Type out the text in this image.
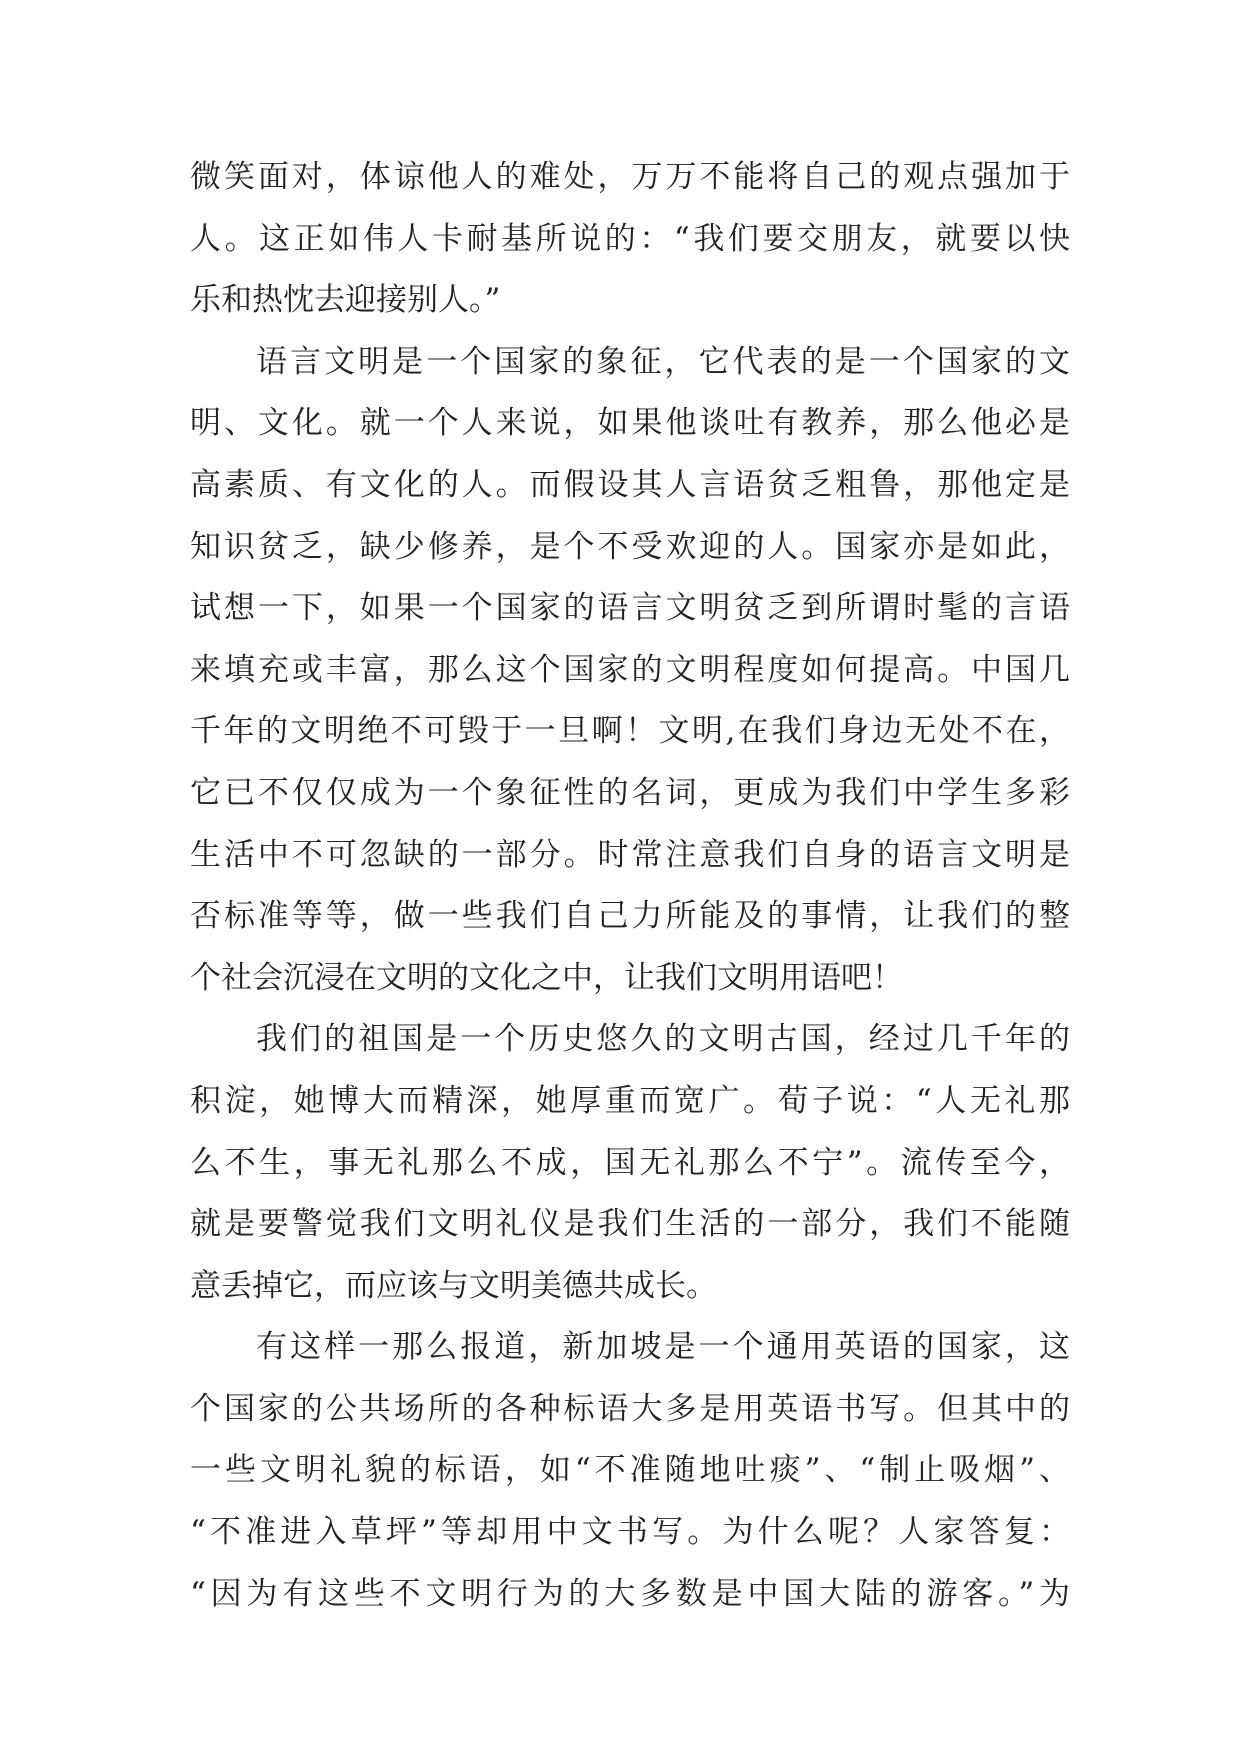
微笑面对，体谅他人的难处，万万不能将自己的观点强加于
人。这正如伟人卡耐基所说的：“我们要交朋友，就要以快
乐和热忱去迎接别人。”
语言文明是一个国家的象征，它代表的是一个国家的文
明、文化。就一个人来说，如果他谈吐有教养，那么他必是
高素质、有文化的人。而假设其人言语贫乏粗鲁，那他定是
知识贫乏，缺少修养，是个不受欢迎的人。国家亦是如此，
试想一下，如果一个国家的语言文明贫乏到所谓时髦的言语
来填充或丰富，那么这个国家的文明程度如何提高。中国几
千年的文明绝不可毁于一旦啊！文明,在我们身边无处不在，
它已不仅仅成为一个象征性的名词，更成为我们中学生多彩
生活中不可忽缺的一部分。时常注意我们自身的语言文明是
否标准等等，做一些我们自己力所能及的事情，让我们的整
个社会沉浸在文明的文化之中，让我们文明用语吧！
我们的祖国是一个历史悠久的文明古国，经过几千年的
积淀，她博大而精深，她厚重而宽广。荀子说：“人无礼那
么不生，事无礼那么不成，国无礼那么不宁”。流传至今，
就是要警觉我们文明礼仪是我们生活的一部分，我们不能随
意丢掉它，而应该与文明美德共成长。
有这样一那么报道，新加坡是一个通用英语的国家，这
个国家的公共场所的各种标语大多是用英语书写。但其中的
一些文明礼貌的标语，如“不准随地吐痰”、“制止吸烟”、
“不准进入草坪”等却用中文书写。为什么呢？人家答复：
“因为有这些不文明行为的大多数是中国大陆的游客。”为
